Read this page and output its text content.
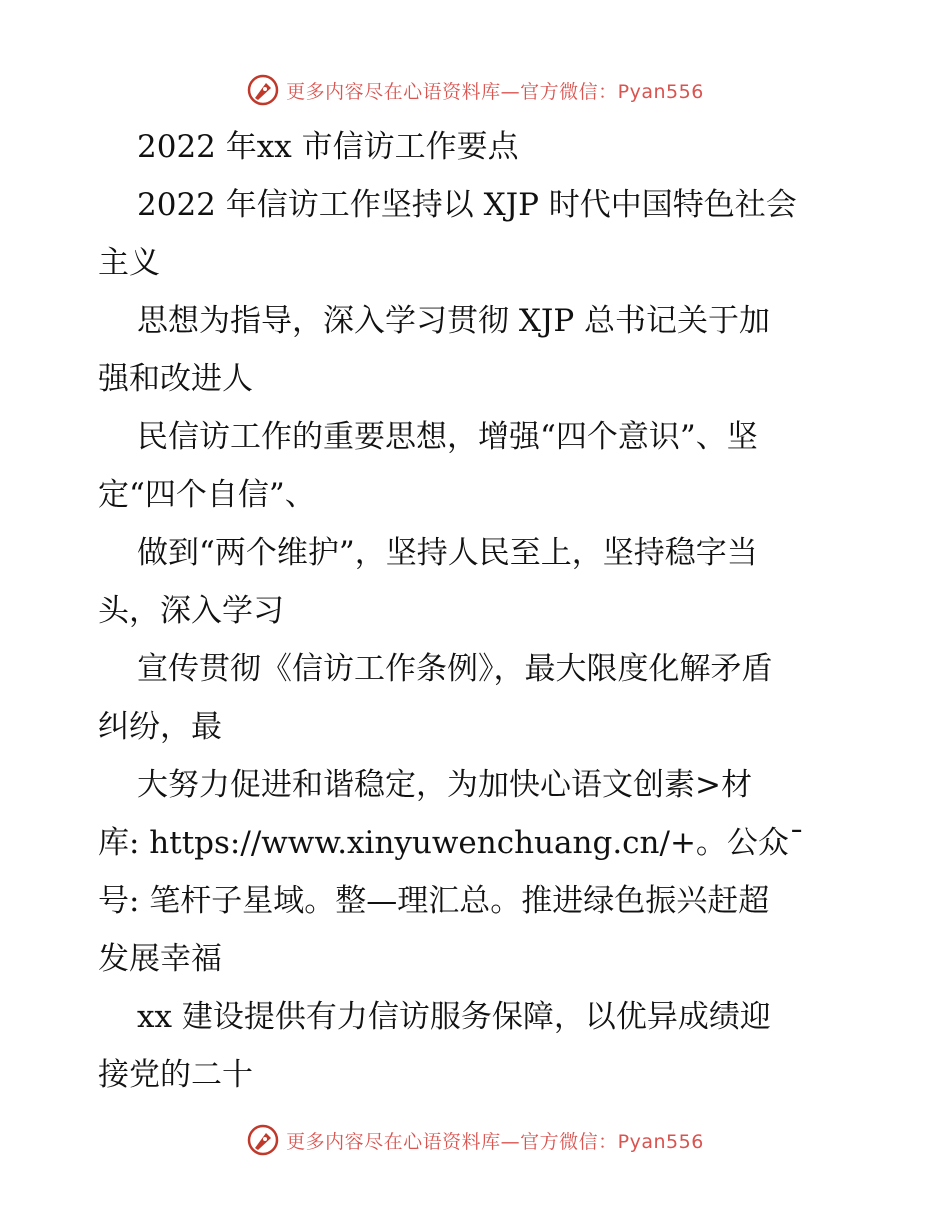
更多内容尽在心语资料库—官方微信：Pyan556
2022 年xx 市信访工作要点
2022 年信访工作坚持以 XJP 时代中国特色社会
主义
思想为指导，深入学习贯彻 XJP 总书记关于加
强和改进人
民信访工作的重要思想，增强“四个意识”、坚
定“四个自信”、
做到“两个维护”，坚持人民至上，坚持稳字当
头，深入学习
宣传贯彻《信访工作条例》，最大限度化解矛盾
纠纷，最
大努力促进和谐稳定，为加快心语文创素>材
库: https://www.xinyuwenchuang.cn/+。公众¯
号: 笔杆子星域。整—理汇总。推进绿色振兴赶超
发展幸福
xx 建设提供有力信访服务保障，以优异成绩迎
接党的二十
更多内容尽在心语资料库—官方微信：Pyan556
